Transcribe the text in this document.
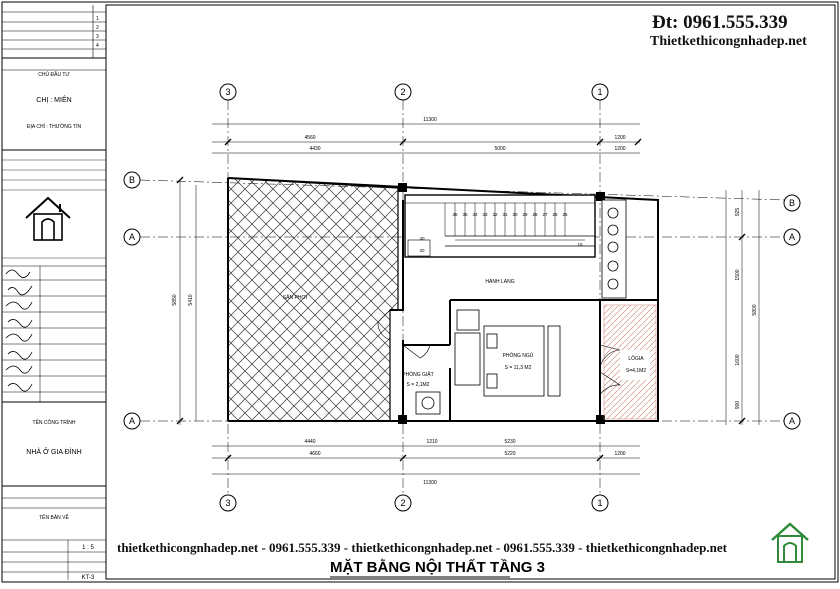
1
2
3
4
CHỦ ĐẦU TƯ
CHỊ : MIÊN
ĐỊA CHỈ : THƯỜNG TÍN
TÊN CÔNG TRÌNH
NHÀ Ở GIA ĐÌNH
TÊN BẢN VẼ
1 : 5
KT-3
3	2	1
3	2	1
B
A
A
B
A
A
11300
4560	1200
4430	5000	1200
4440	1210	5230
4660	5220	1200
11300
5850 5410
5800
925
1500
1600
900
25
26
27
28
29
30
31
32
33
34
35
36
40
20
18
SÂN PHƠI
HÀNH LANG
PHÒNG NGỦ
S = 11,3 M2
PHÒNG GIẶT
S = 2,1M2
LÔGIA
S=4,1M2
Đt: 0961.555.339
Thietkethicongnhadep.net
thietkethicongnhadep.net - 0961.555.339 - thietkethicongnhadep.net - 0961.555.339 - thietkethicongnhadep.net
MẶT BẰNG NỘI THẤT TẦNG 3
